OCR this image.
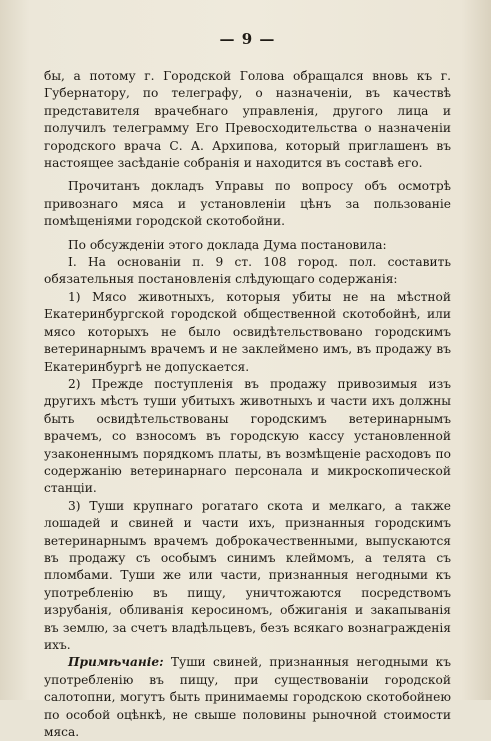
— 9 —

бы, а потому г. Городской Голова обращался вновь къ г. Губернатору, по телеграфу, о назначеніи, въ качествѣ представителя врачебнаго управленія, другого лица и получилъ телеграмму Его Превосходительства о назначеніи городского врача С. А. Архипова, который приглашенъ въ настоящее засѣданіе собранія и находится въ составѣ его.

Прочитанъ докладъ Управы по вопросу объ осмотрѣ привознаго мяса и установленіи цѣнъ за пользованіе помѣщеніями городской скотобойни.

По обсужденіи этого доклада Дума постановила:

I. На основаніи п. 9 ст. 108 город. пол. составить обязательныя постановленія слѣдующаго содержанія:

1) Мясо животныхъ, которыя убиты не на мѣстной Екатеринбургской городской общественной скотобойнѣ, или мясо которыхъ не было освидѣтельствовано городскимъ ветеринарнымъ врачемъ и не заклеймено имъ, въ продажу въ Екатеринбургѣ не допускается.

2) Прежде поступленія въ продажу привозимыя изъ другихъ мѣстъ туши убитыхъ животныхъ и части ихъ должны быть освидѣтельствованы городскимъ ветеринарнымъ врачемъ, со взносомъ въ городскую кассу установленной узаконеннымъ порядкомъ платы, въ возмѣщеніе расходовъ по содержанію ветеринарнаго персонала и микроскопической станціи.

3) Туши крупнаго рогатаго скота и мелкаго, а также лошадей и свиней и части ихъ, признанныя городскимъ ветеринарнымъ врачемъ доброкачественными, выпускаются въ продажу съ особымъ синимъ клеймомъ, а телята съ пломбами. Туши же или части, признанныя негодными къ употребленію въ пищу, уничтожаются посредствомъ изрубанія, обливанія керосиномъ, обжиганія и закапыванія въ землю, за счетъ владѣльцевъ, безъ всякаго вознагражденія ихъ.

Примѣчаніе: Туши свиней, признанныя негодными къ употребленію въ пищу, при существованіи городской салотопни, могутъ быть принимаемы городскою скотобойнею по особой оцѣнкѣ, не свыше половины рыночной стоимости мяса.
